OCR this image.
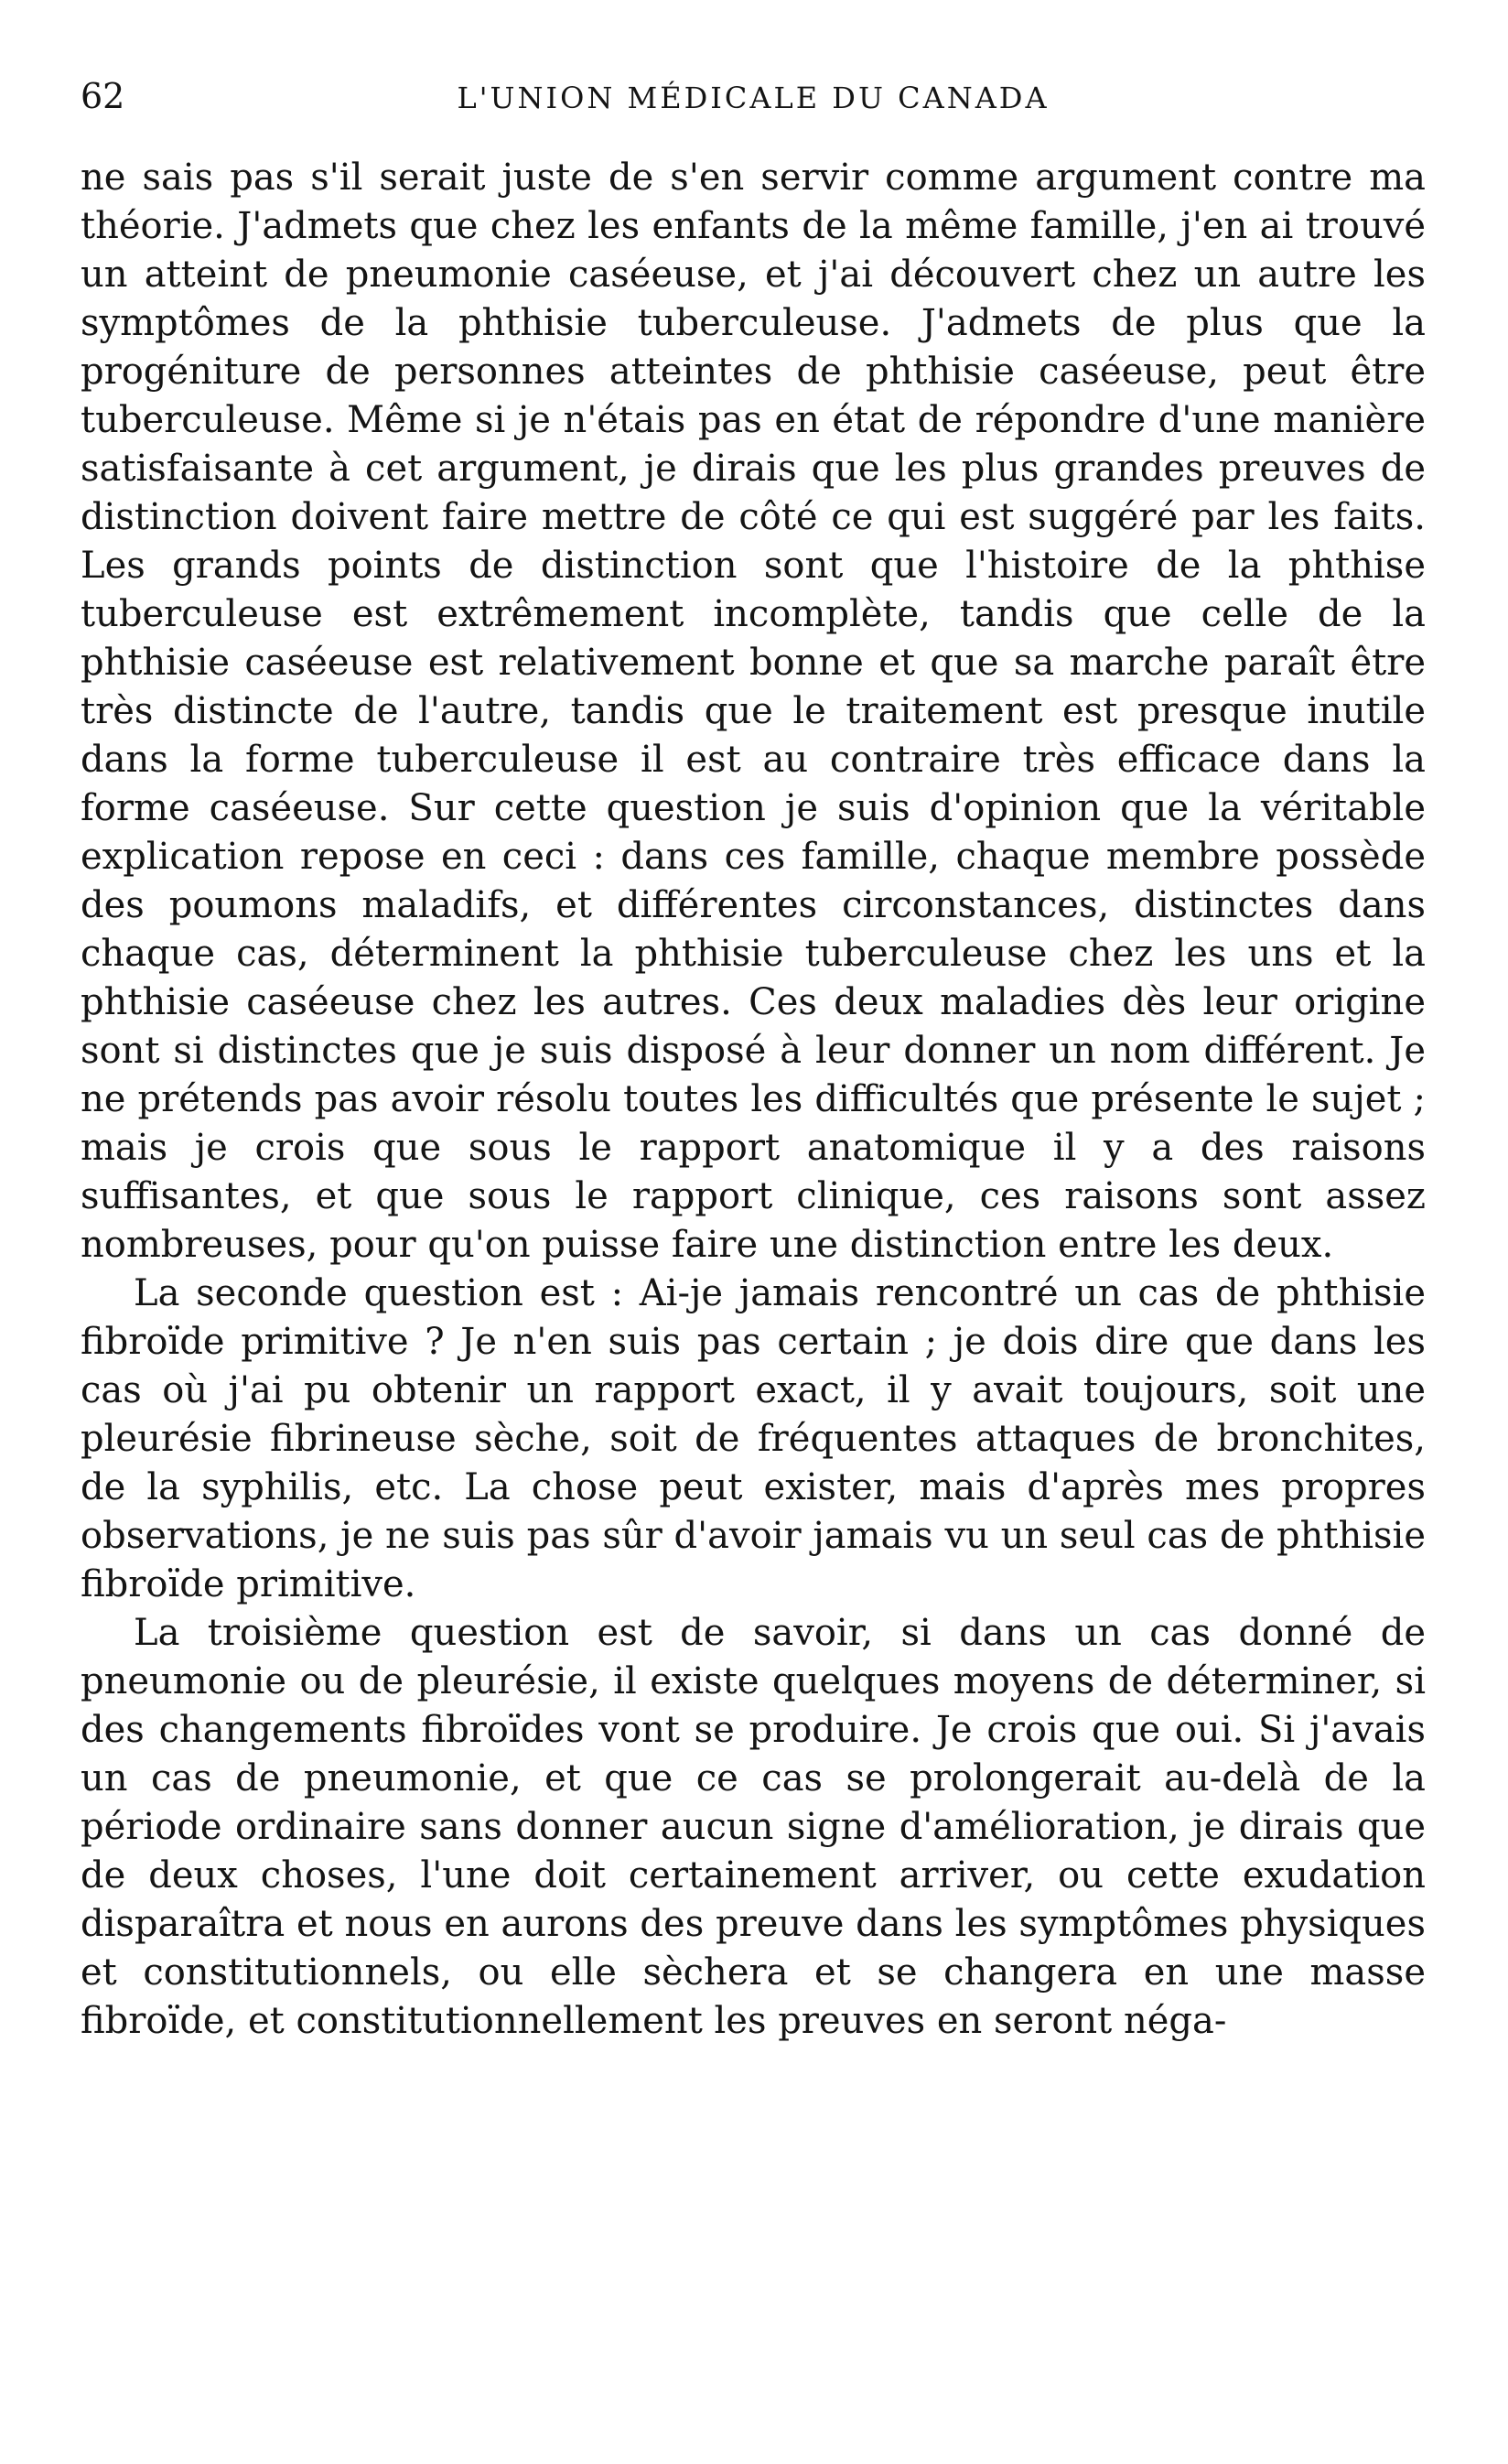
62	L'UNION MÉDICALE DU CANADA

ne sais pas s'il serait juste de s'en servir comme argument contre ma théorie. J'admets que chez les enfants de la même famille, j'en ai trouvé un atteint de pneumonie caséeuse, et j'ai découvert chez un autre les symptômes de la phthisie tuberculeuse. J'admets de plus que la progéniture de personnes atteintes de phthisie caséeuse, peut être tuberculeuse. Même si je n'étais pas en état de répondre d'une manière satisfaisante à cet argument, je dirais que les plus grandes preuves de distinction doivent faire mettre de côté ce qui est suggéré par les faits. Les grands points de distinction sont que l'histoire de la phthise tuberculeuse est extrêmement incomplète, tandis que celle de la phthisie caséeuse est relativement bonne et que sa marche paraît être très distincte de l'autre, tandis que le traitement est presque inutile dans la forme tuberculeuse il est au contraire très efficace dans la forme caséeuse. Sur cette question je suis d'opinion que la véritable explication repose en ceci : dans ces famille, chaque membre possède des poumons maladifs, et différentes circonstances, distinctes dans chaque cas, déterminent la phthisie tuberculeuse chez les uns et la phthisie caséeuse chez les autres. Ces deux maladies dès leur origine sont si distinctes que je suis disposé à leur donner un nom différent. Je ne prétends pas avoir résolu toutes les difficultés que présente le sujet ; mais je crois que sous le rapport anatomique il y a des raisons suffisantes, et que sous le rapport clinique, ces raisons sont assez nombreuses, pour qu'on puisse faire une distinction entre les deux.

La seconde question est : Ai-je jamais rencontré un cas de phthisie fibroïde primitive ? Je n'en suis pas certain ; je dois dire que dans les cas où j'ai pu obtenir un rapport exact, il y avait toujours, soit une pleurésie fibrineuse sèche, soit de fréquentes attaques de bronchites, de la syphilis, etc. La chose peut exister, mais d'après mes propres observations, je ne suis pas sûr d'avoir jamais vu un seul cas de phthisie fibroïde primitive.

La troisième question est de savoir, si dans un cas donné de pneumonie ou de pleurésie, il existe quelques moyens de déterminer, si des changements fibroïdes vont se produire. Je crois que oui. Si j'avais un cas de pneumonie, et que ce cas se prolongerait au-delà de la période ordinaire sans donner aucun signe d'amélioration, je dirais que de deux choses, l'une doit certainement arriver, ou cette exudation disparaîtra et nous en aurons des preuve dans les symptômes physiques et constitutionnels, ou elle sèchera et se changera en une masse fibroïde, et constitutionnellement les preuves en seront néga-
